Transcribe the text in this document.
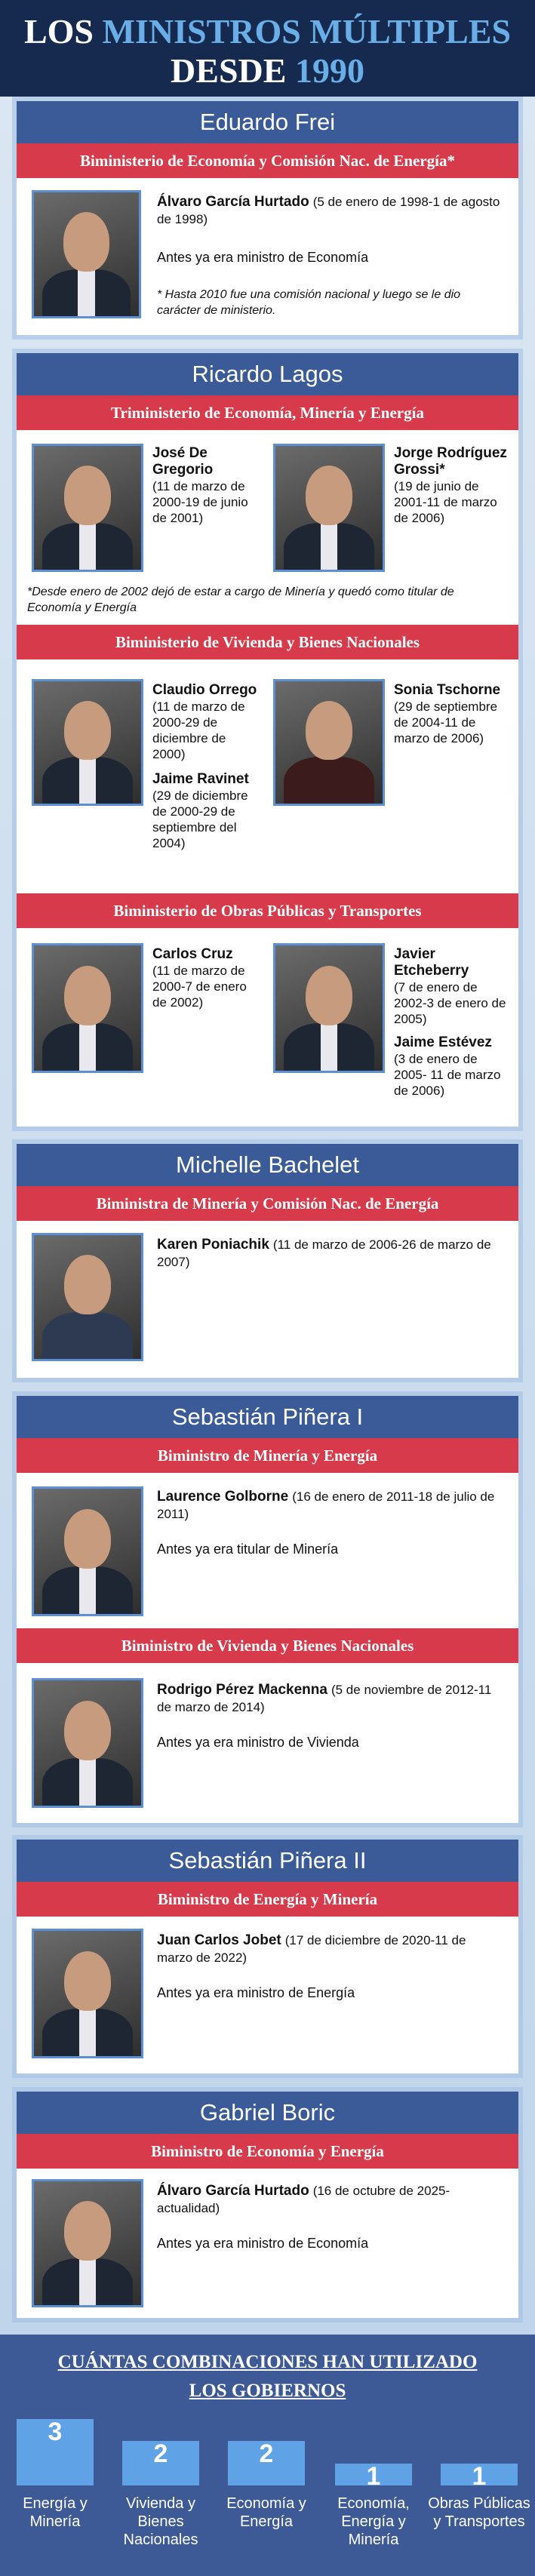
LOS MINISTROS MÚLTIPLES
DESDE 1990
Eduardo Frei
Biministerio de Economía y Comisión Nac. de Energía*
Álvaro García Hurtado (5 de enero de 1998-1 de agosto de 1998)
Antes ya era ministro de Economía
* Hasta 2010 fue una comisión nacional y luego se le dio carácter de ministerio.
Ricardo Lagos
Triministerio de Economía, Minería y Energía
José De Gregorio
(11 de marzo de 2000-19 de junio de 2001)
Jorge Rodríguez Grossi*
(19 de junio de 2001-11 de marzo de 2006)
*Desde enero de 2002 dejó de estar a cargo de Minería y quedó como titular de Economía y Energía
Biministerio de Vivienda y Bienes Nacionales
Claudio Orrego
(11 de marzo de 2000-29 de diciembre de 2000)
Jaime Ravinet
(29 de diciembre de 2000-29 de septiembre del 2004)
Sonia Tschorne
(29 de septiembre de 2004-11 de marzo de 2006)
Biministerio de Obras Públicas y Transportes
Carlos Cruz
(11 de marzo de 2000-7 de enero de 2002)
Javier Etcheberry
(7 de enero de 2002-3 de enero de 2005)
Jaime Estévez
(3 de enero de 2005- 11 de marzo de 2006)
Michelle Bachelet
Biministra de Minería y Comisión Nac. de Energía
Karen Poniachik (11 de marzo de 2006-26 de marzo de 2007)
Sebastián Piñera I
Biministro de Minería y Energía
Laurence Golborne (16 de enero de 2011-18 de julio de 2011)
Antes ya era titular de Minería
Biministro de Vivienda y Bienes Nacionales
Rodrigo Pérez Mackenna (5 de noviembre de 2012-11 de marzo de 2014)
Antes ya era ministro de Vivienda
Sebastián Piñera II
Biministro de Energía y Minería
Juan Carlos Jobet (17 de diciembre de 2020-11 de marzo de 2022)
Antes ya era ministro de Energía
Gabriel Boric
Biministro de Economía y Energía
Álvaro García Hurtado (16 de octubre de 2025-actualidad)
Antes ya era ministro de Economía
CUÁNTAS COMBINACIONES HAN UTILIZADO
LOS GOBIERNOS
3
Energía y Minería
2
Vivienda y Bienes Nacionales
2
Economía y Energía
1
Economía, Energía y Minería
1
Obras Públicas y Transportes
